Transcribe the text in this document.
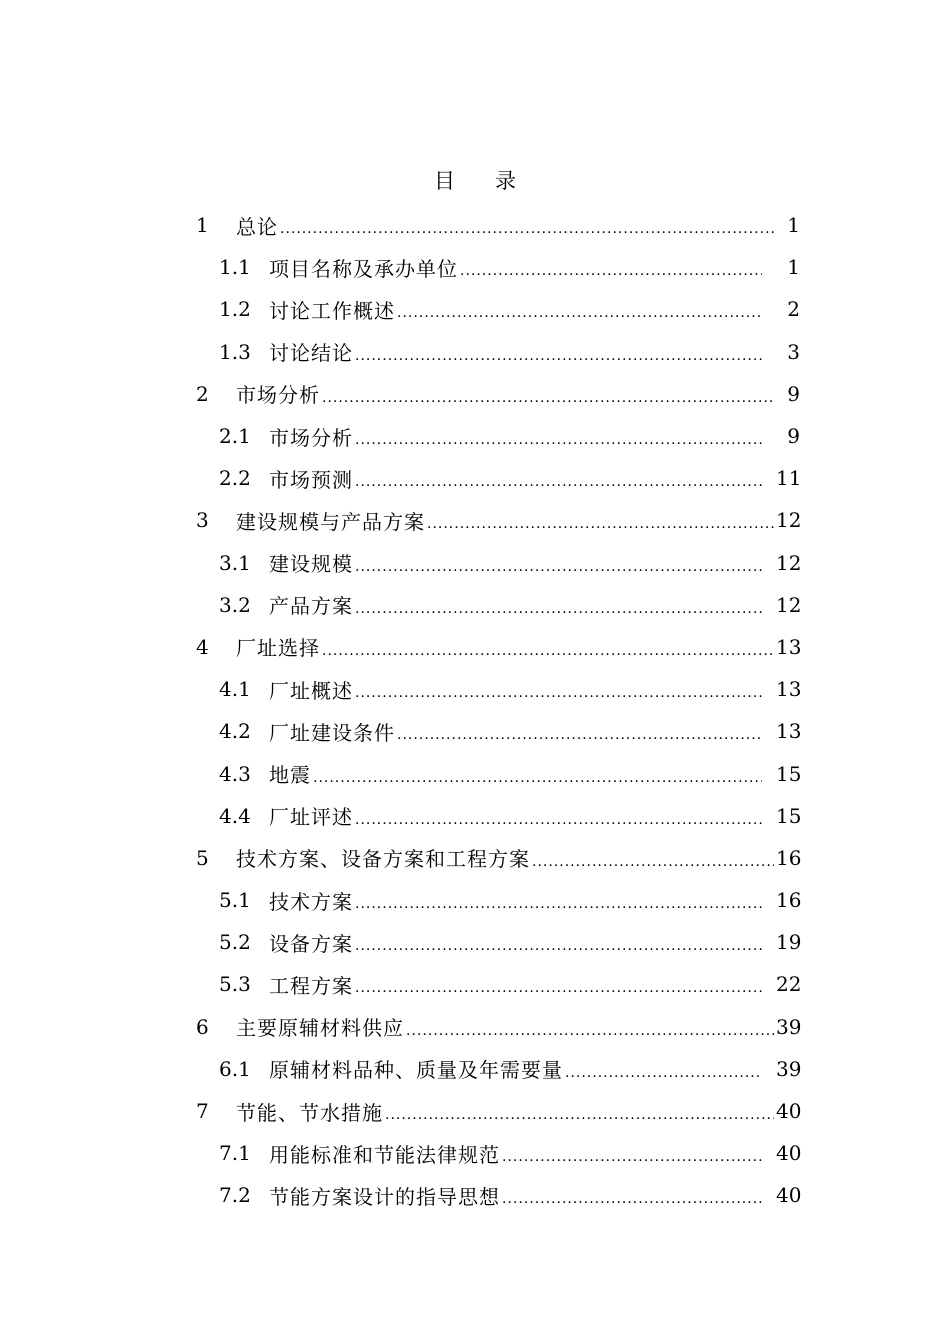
目 录
1	总论 .....	1
1.1 项目名称及承办单位 .....	1
1.2 讨论工作概述 .....	2
1.3 讨论结论 .....	3
2	市场分析 .....	9
2.1 市场分析 .....	9
2.2 市场预测 .....	11
3	建设规模与产品方案 .....	12
3.1 建设规模 .....	12
3.2 产品方案 .....	12
4	厂址选择 .....	13
4.1 厂址概述 .....	13
4.2 厂址建设条件 .....	13
4.3 地震 .....	15
4.4 厂址评述 .....	15
5	技术方案、设备方案和工程方案 .....	16
5.1 技术方案 .....	16
5.2 设备方案 .....	19
5.3 工程方案 .....	22
6	主要原辅材料供应 .....	39
6.1 原辅材料品种、质量及年需要量 .....	39
7	节能、节水措施 .....	40
7.1 用能标准和节能法律规范 .....	40
7.2 节能方案设计的指导思想 .....	40
